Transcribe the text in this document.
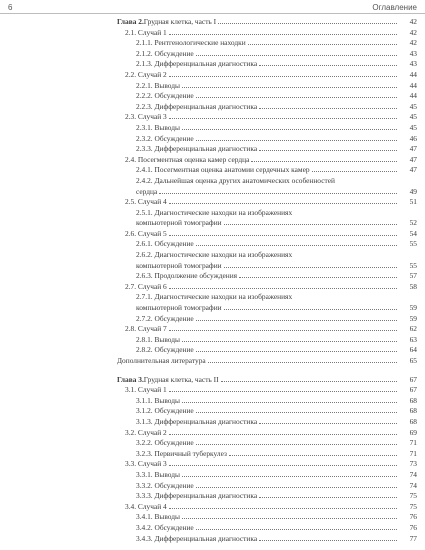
6	Оглавление
Глава 2. Грудная клетка, часть I	42
2.1. Случай 1	42
2.1.1. Рентгенологические находки	42
2.1.2. Обсуждение	43
2.1.3. Дифференциальная диагностика	43
2.2. Случай 2	44
2.2.1. Выводы	44
2.2.2. Обсуждение	44
2.2.3. Дифференциальная диагностика	45
2.3. Случай 3	45
2.3.1. Выводы	45
2.3.2. Обсуждение	46
2.3.3. Дифференциальная диагностика	47
2.4. Посегментная оценка камер сердца	47
2.4.1. Посегментная оценка анатомии сердечных камер	47
2.4.2. Дальнейшая оценка других анатомических особенностей
сердца	49
2.5. Случай 4	51
2.5.1. Диагностические находки на изображениях
компьютерной томографии	52
2.6. Случай 5	54
2.6.1. Обсуждение	55
2.6.2. Диагностические находки на изображениях
компьютерной томографии	55
2.6.3. Продолжение обсуждения	57
2.7. Случай 6	58
2.7.1. Диагностические находки на изображениях
компьютерной томографии	59
2.7.2. Обсуждение	59
2.8. Случай 7	62
2.8.1. Выводы	63
2.8.2. Обсуждение	64
Дополнительная литература	65
Глава 3. Грудная клетка, часть II	67
3.1. Случай 1	67
3.1.1. Выводы	68
3.1.2. Обсуждение	68
3.1.3. Дифференциальная диагностика	68
3.2. Случай 2	69
3.2.2. Обсуждение	71
3.2.3. Первичный туберкулез	71
3.3. Случай 3	73
3.3.1. Выводы	74
3.3.2. Обсуждение	74
3.3.3. Дифференциальная диагностика	75
3.4. Случай 4	75
3.4.1. Выводы	76
3.4.2. Обсуждение	76
3.4.3. Дифференциальная диагностика	77
